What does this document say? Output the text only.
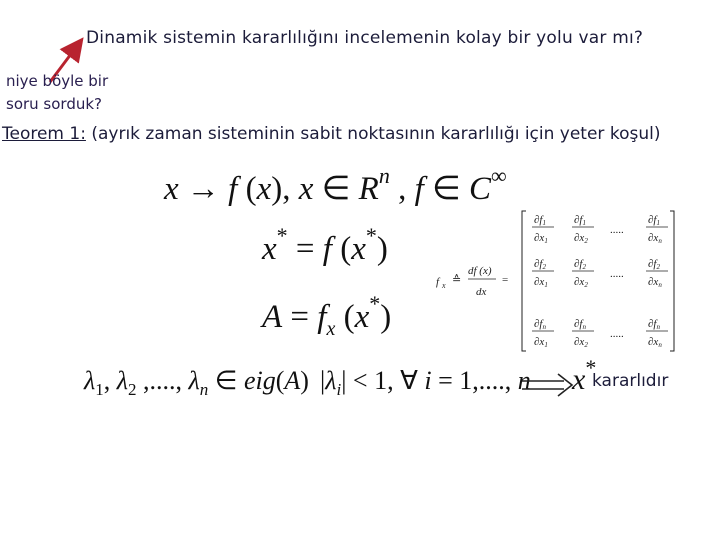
Dinamik sistemin kararlılığını incelemenin kolay bir yolu var mı?
niye böyle bir
soru sorduk?
Teorem 1: (ayrık zaman sisteminin sabit noktasının kararlılığı için yeter koşul)
x → f (x), x ∈ $R^n$ , f ∈ C∞
x* = f (x*)
$A = f_x$ (x*)
f x ≙
df (x)
dx
=
∂f1
∂x1
∂f1
∂x2
.....
∂f1
∂xn
∂f2
∂x1
∂f2
∂x2
.....
∂f2
∂xn
∂fn
∂x1
∂fn
∂x2
.....
∂fn
∂xn
$\lambda_1$, $\lambda_2$ ,...., $\lambda_n$ ∈ eig(A) $|\lambda_i| < 1$, ∀ i = 1,...., n x*
kararlıdır
